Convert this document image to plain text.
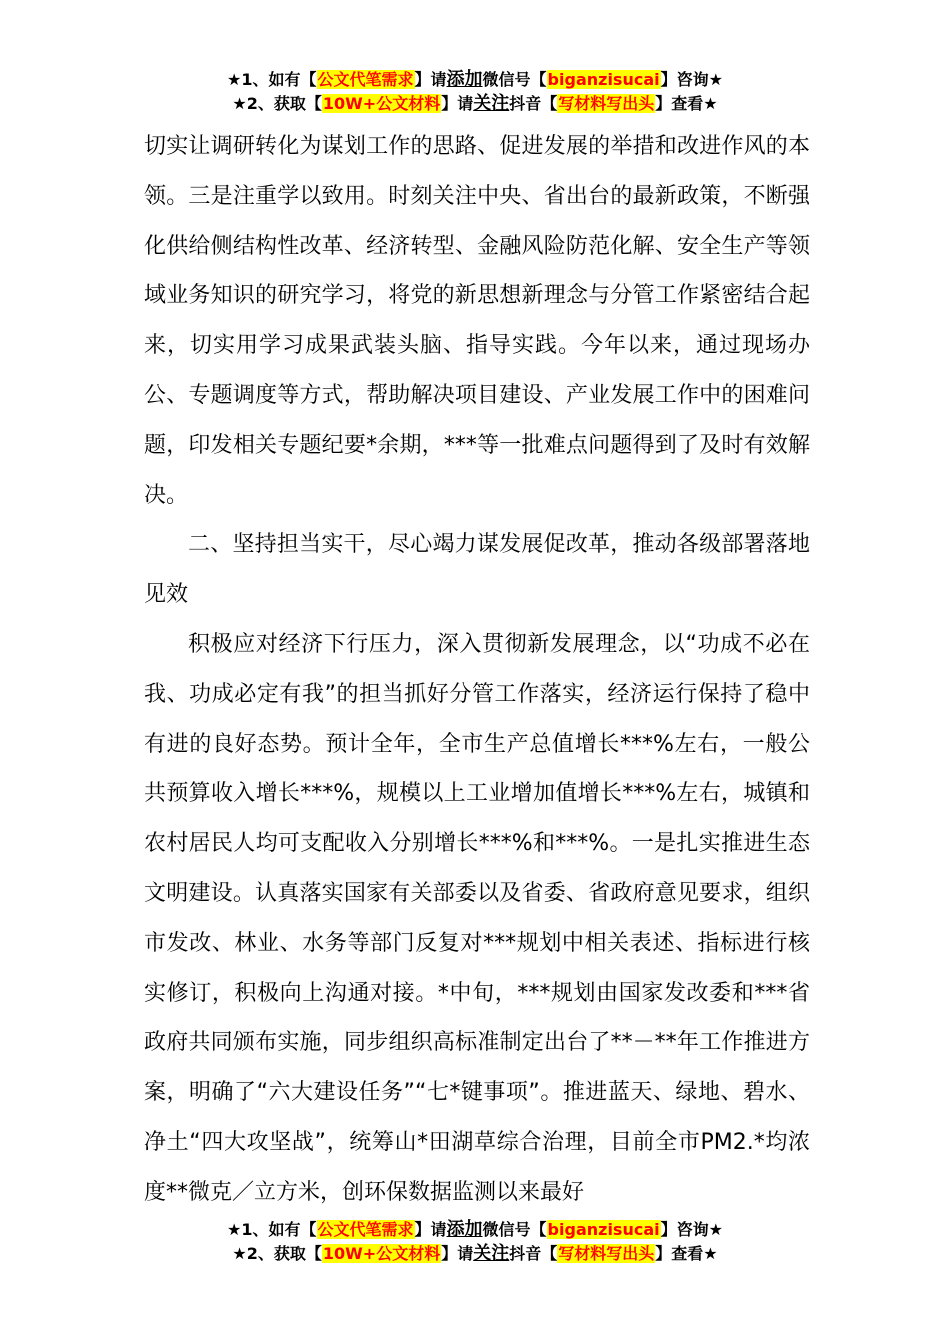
★1、如有【公文代笔需求】请添加微信号【biganzisucai】咨询★
★2、获取【10W+公文材料】请关注抖音【写材料写出头】查看★

切实让调研转化为谋划工作的思路、促进发展的举措和改进作风的本领。三是注重学以致用。时刻关注中央、省出台的最新政策，不断强化供给侧结构性改革、经济转型、金融风险防范化解、安全生产等领域业务知识的研究学习，将党的新思想新理念与分管工作紧密结合起来，切实用学习成果武装头脑、指导实践。今年以来，通过现场办公、专题调度等方式，帮助解决项目建设、产业发展工作中的困难问题，印发相关专题纪要*余期，***等一批难点问题得到了及时有效解决。

二、坚持担当实干，尽心竭力谋发展促改革，推动各级部署落地见效

积极应对经济下行压力，深入贯彻新发展理念，以“功成不必在我、功成必定有我”的担当抓好分管工作落实，经济运行保持了稳中有进的良好态势。预计全年，全市生产总值增长***%左右，一般公共预算收入增长***%，规模以上工业增加值增长***%左右，城镇和农村居民人均可支配收入分别增长***%和***%。一是扎实推进生态文明建设。认真落实国家有关部委以及省委、省政府意见要求，组织市发改、林业、水务等部门反复对***规划中相关表述、指标进行核实修订，积极向上沟通对接。*中旬，***规划由国家发改委和***省政府共同颁布实施，同步组织高标准制定出台了**－**年工作推进方案，明确了“六大建设任务”“七*键事项”。推进蓝天、绿地、碧水、净土“四大攻坚战”，统筹山*田湖草综合治理，目前全市PM2.*均浓度**微克／立方米，创环保数据监测以来最好

★1、如有【公文代笔需求】请添加微信号【biganzisucai】咨询★
★2、获取【10W+公文材料】请关注抖音【写材料写出头】查看★
